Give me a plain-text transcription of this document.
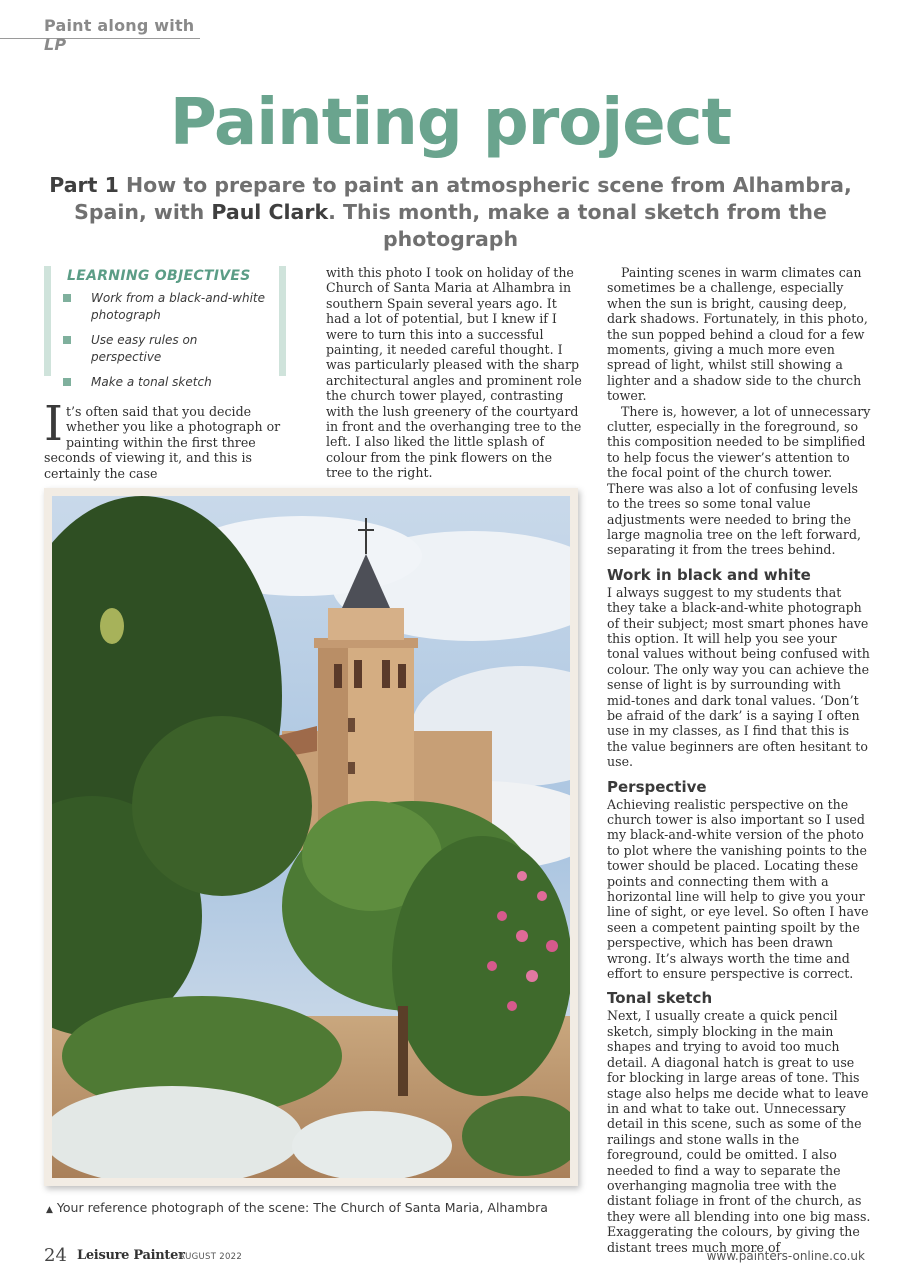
Paint along with LP
Painting project
Part 1 How to prepare to paint an atmospheric scene from Alhambra, Spain, with Paul Clark. This month, make a tonal sketch from the photograph
LEARNING OBJECTIVES
Work from a black-and-white photograph
Use easy rules on perspective
Make a tonal sketch

It’s often said that you decide whether you like a photograph or painting within the first three seconds of viewing it, and this is certainly the case

with this photo I took on holiday of the Church of Santa Maria at Alhambra in southern Spain several years ago. It had a lot of potential, but I knew if I were to turn this into a successful painting, it needed careful thought. I was particularly pleased with the sharp architectural angles and prominent role the church tower played, contrasting with the lush greenery of the courtyard in front and the overhanging tree to the left. I also liked the little splash of colour from the pink flowers on the tree to the right.

Painting scenes in warm climates can sometimes be a challenge, especially when the sun is bright, causing deep, dark shadows. Fortunately, in this photo, the sun popped behind a cloud for a few moments, giving a much more even spread of light, whilst still showing a lighter and a shadow side to the church tower.

There is, however, a lot of unnecessary clutter, especially in the foreground, so this composition needed to be simplified to help focus the viewer’s attention to the focal point of the church tower. There was also a lot of confusing levels to the trees so some tonal value adjustments were needed to bring the large magnolia tree on the left forward, separating it from the trees behind.

Work in black and white

I always suggest to my students that they take a black-and-white photograph of their subject; most smart phones have this option. It will help you see your tonal values without being confused with colour. The only way you can achieve the sense of light is by surrounding with mid-tones and dark tonal values. ‘Don’t be afraid of the dark’ is a saying I often use in my classes, as I find that this is the value beginners are often hesitant to use.

Perspective

Achieving realistic perspective on the church tower is also important so I used my black-and-white version of the photo to plot where the vanishing points to the tower should be placed. Locating these points and connecting them with a horizontal line will help to give you your line of sight, or eye level. So often I have seen a competent painting spoilt by the perspective, which has been drawn wrong. It’s always worth the time and effort to ensure perspective is correct.

Tonal sketch

Next, I usually create a quick pencil sketch, simply blocking in the main shapes and trying to avoid too much detail. A diagonal hatch is great to use for blocking in large areas of tone. This stage also helps me decide what to leave in and what to take out. Unnecessary detail in this scene, such as some of the railings and stone walls in the foreground, could be omitted. I also needed to find a way to separate the overhanging magnolia tree with the distant foliage in front of the church, as they were all blending into one big mass. Exaggerating the colours, by giving the distant trees much more of

▲ Your reference photograph of the scene: The Church of Santa Maria, Alhambra
24 Leisure Painter
AUGUST 2022	www.painters-online.co.uk
